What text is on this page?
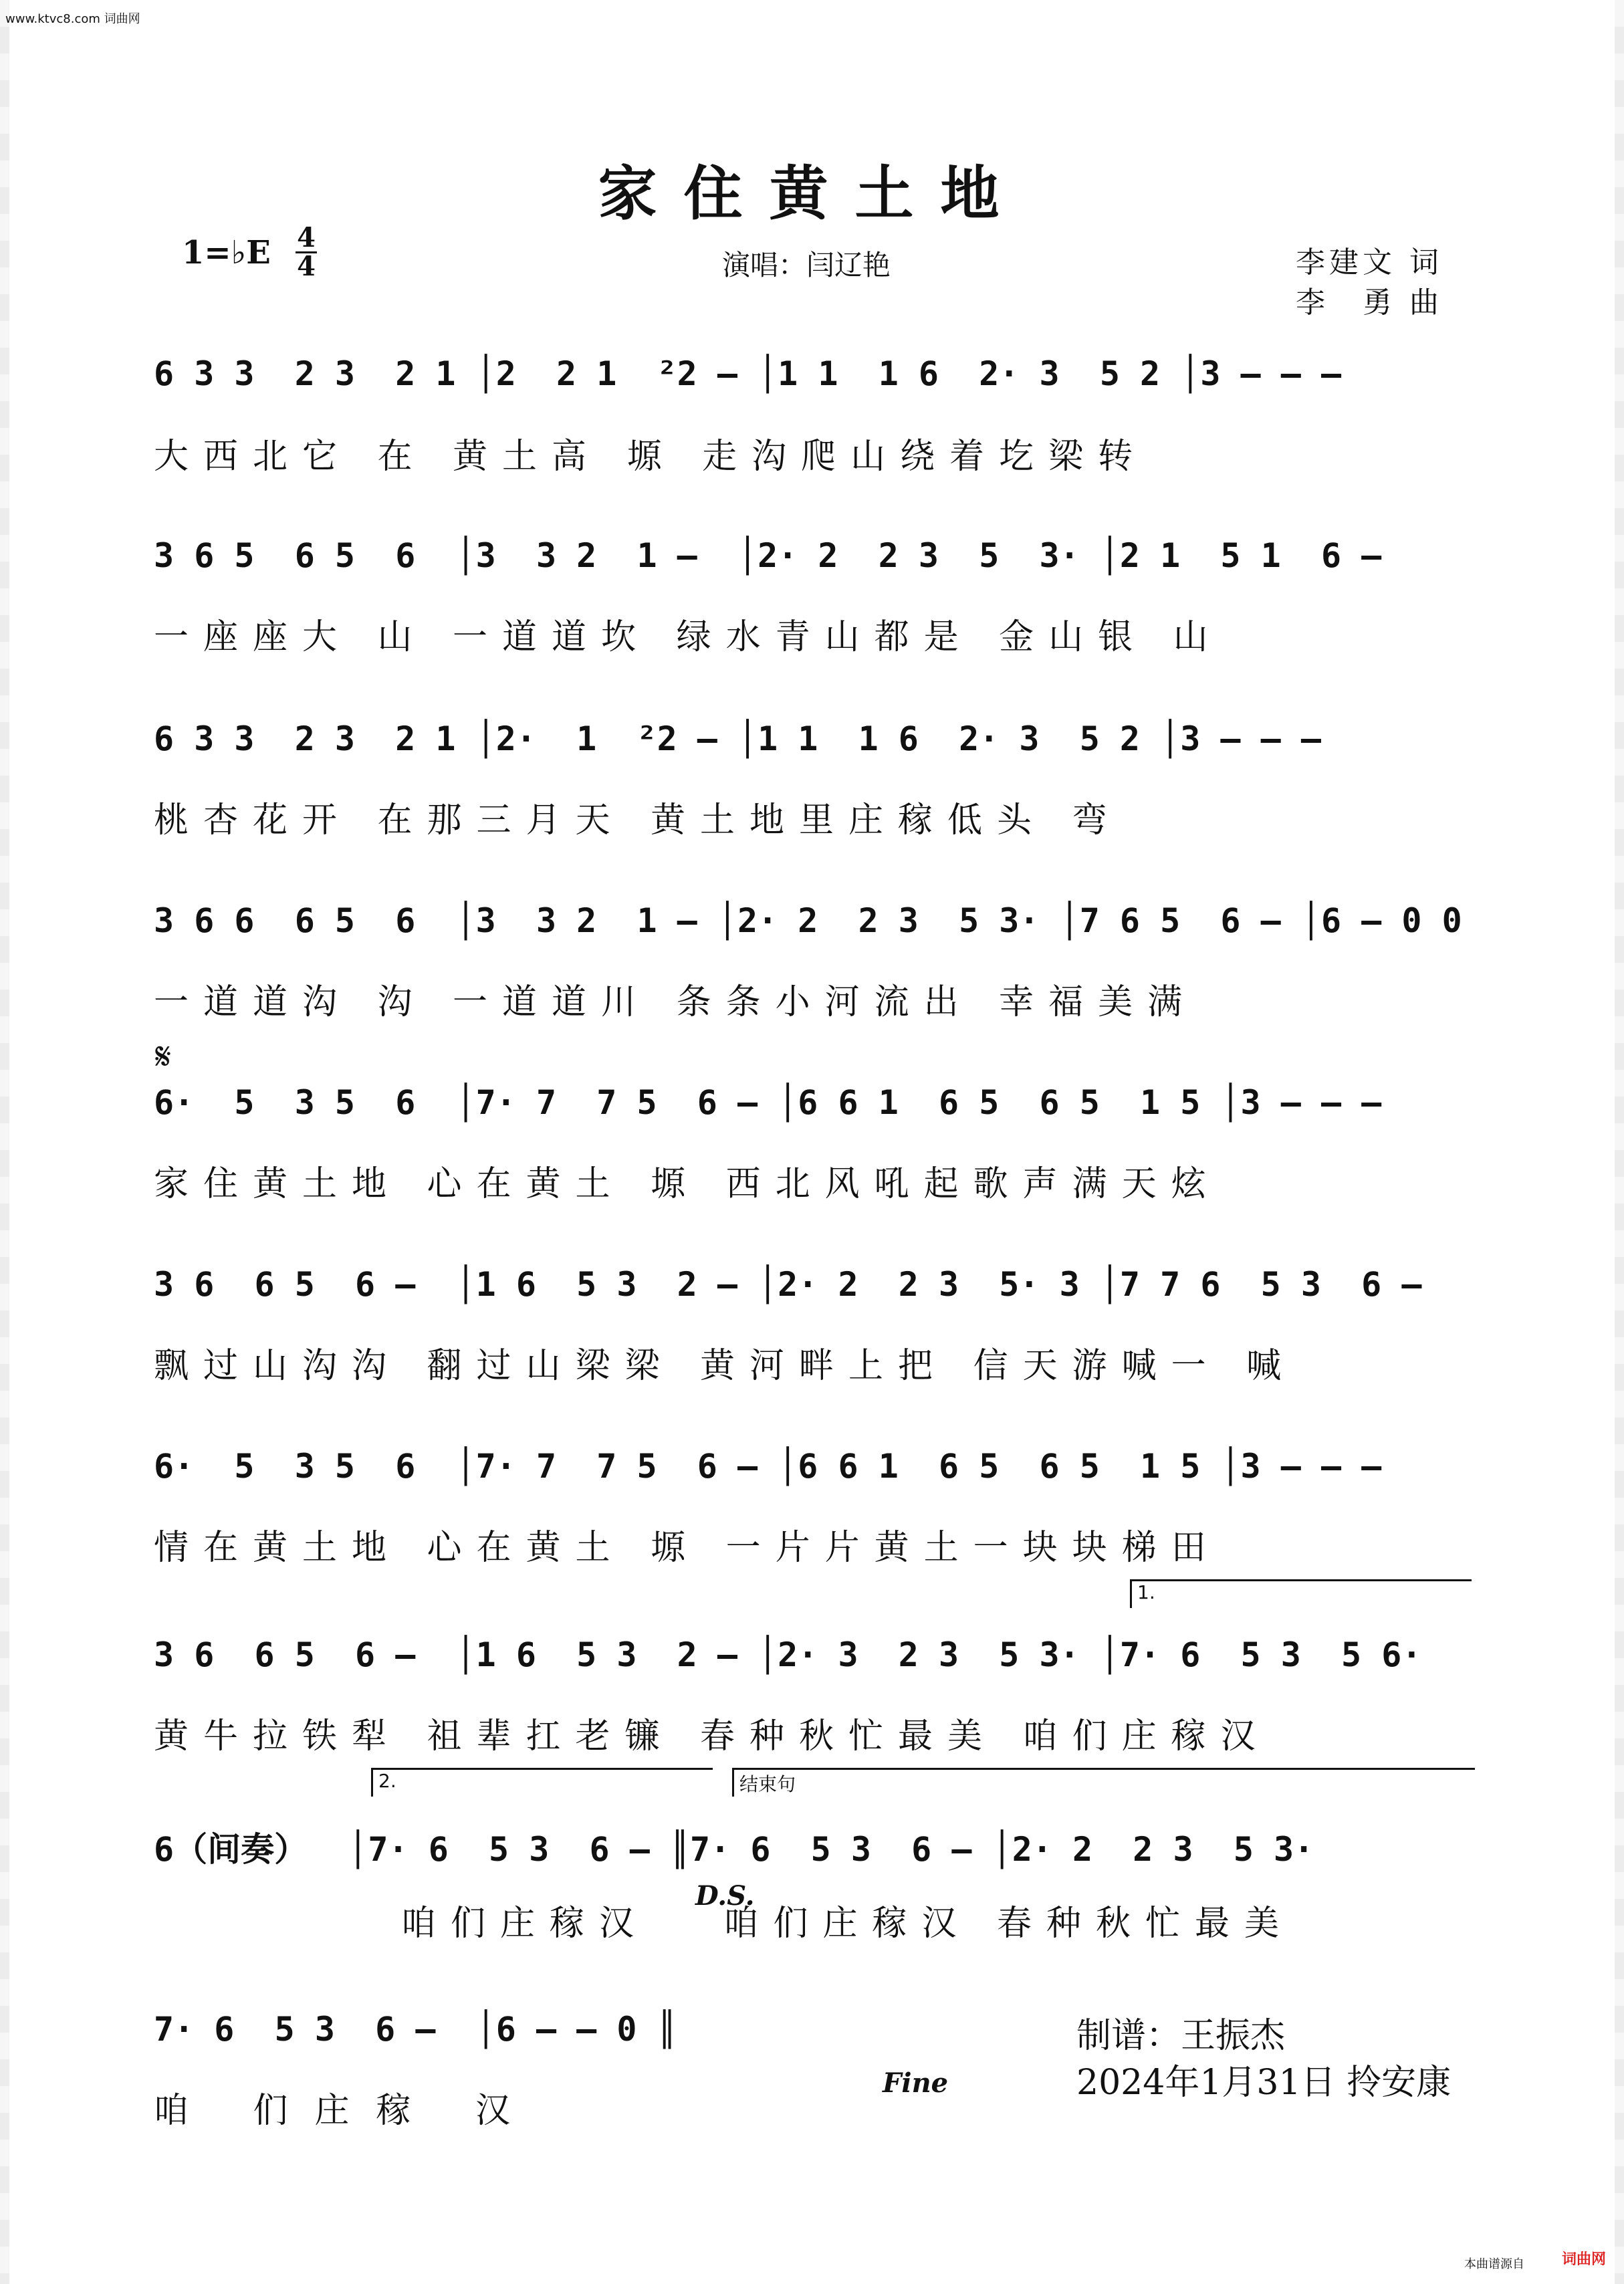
www.ktvc8.com 词曲网
家住黄土地
1=♭E 4
4	演唱：闫辽艳	李建文 词
李　勇 曲
6 3 3  2 3  2 1 │2  2 1  ²2 – │1 1  1 6  2· 3  5 2 │3 – – –
大西北它 在 黄土高 塬 走沟爬山绕着圪梁转
3 6 5  6 5  6  │3  3 2  1 –  │2· 2  2 3  5  3· │2 1  5 1  6 –
一座座大 山 一道道坎 绿水青山都是 金山银 山
6 3 3  2 3  2 1 │2·  1  ²2 – │1 1  1 6  2· 3  5 2 │3 – – –
桃杏花开 在那三月天 黄土地里庄稼低头 弯
3 6 6  6 5  6  │3  3 2  1 – │2· 2  2 3  5 3· │7 6 5  6 – │6 – 0 0
一道道沟 沟 一道道川 条条小河流出 幸福美满
𝄋
6·  5  3 5  6  │7· 7  7 5  6 – │6 6 1  6 5  6 5  1 5 │3 – – –
家住黄土地 心在黄土 塬 西北风吼起歌声满天炫
3 6  6 5  6 –  │1 6  5 3  2 – │2· 2  2 3  5· 3 │7 7 6  5 3  6 –
飘过山沟沟 翻过山梁梁 黄河畔上把 信天游喊一 喊
6·  5  3 5  6  │7· 7  7 5  6 – │6 6 1  6 5  6 5  1 5 │3 – – –
情在黄土地 心在黄土 塬 一片片黄土一块块梯田
1.
3 6  6 5  6 –  │1 6  5 3  2 – │2· 3  2 3  5 3· │7· 6  5 3  5 6·
黄牛拉铁犁 祖辈扛老镰 春种秋忙最美 咱们庄稼汉
2.	结束句
6（间奏）  │7· 6  5 3  6 – ║7· 6  5 3  6 – │2· 2  2 3  5 3·
D.S.
　　　　　咱们庄稼汉　 咱们庄稼汉 春种秋忙最美
7· 6  5 3  6 –  │6 – – 0 ║
Fine
咱 们庄稼 汉
制谱：王振杰
2024年1月31日 拎安康
本曲谱源自	词曲网
